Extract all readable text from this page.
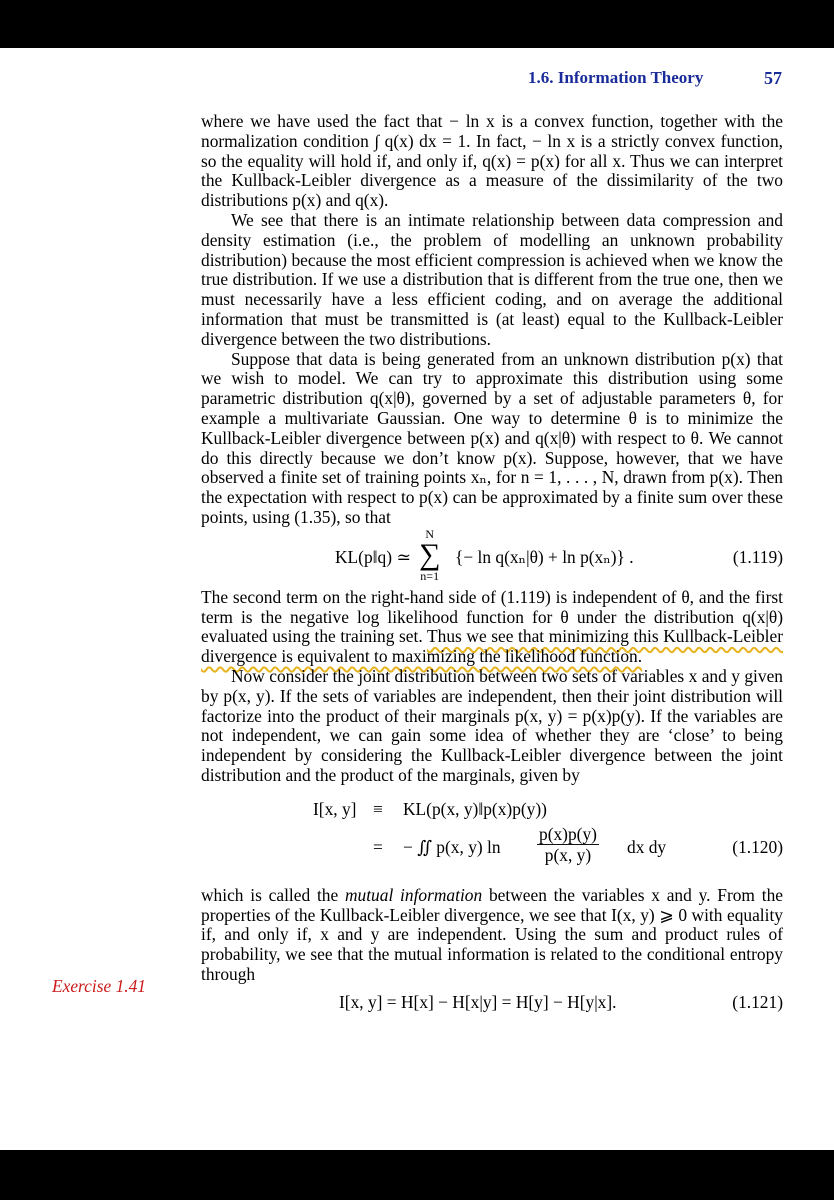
1.6. Information Theory	57

where we have used the fact that − ln x is a convex function, together with the normalization condition ∫ q(x) dx = 1. In fact, − ln x is a strictly convex function, so the equality will hold if, and only if, q(x) = p(x) for all x. Thus we can interpret the Kullback-Leibler divergence as a measure of the dissimilarity of the two distributions p(x) and q(x).

We see that there is an intimate relationship between data compression and density estimation (i.e., the problem of modelling an unknown probability distribution) because the most efficient compression is achieved when we know the true distribution. If we use a distribution that is different from the true one, then we must necessarily have a less efficient coding, and on average the additional information that must be transmitted is (at least) equal to the Kullback-Leibler divergence between the two distributions.

Suppose that data is being generated from an unknown distribution p(x) that we wish to model. We can try to approximate this distribution using some parametric distribution q(x|θ), governed by a set of adjustable parameters θ, for example a multivariate Gaussian. One way to determine θ is to minimize the Kullback-Leibler divergence between p(x) and q(x|θ) with respect to θ. We cannot do this directly because we don’t know p(x). Suppose, however, that we have observed a finite set of training points xₙ, for n = 1, . . . , N, drawn from p(x). Then the expectation with respect to p(x) can be approximated by a finite sum over these points, using (1.35), so that

KL(p‖q) ≃
N
∑
n=1
{− ln q(xₙ|θ) + ln p(xₙ)} .	(1.119)

The second term on the right-hand side of (1.119) is independent of θ, and the first term is the negative log likelihood function for θ under the distribution q(x|θ) evaluated using the training set. Thus we see that minimizing this Kullback-Leibler divergence is equivalent to maximizing the likelihood function.

Now consider the joint distribution between two sets of variables x and y given by p(x, y). If the sets of variables are independent, then their joint distribution will factorize into the product of their marginals p(x, y) = p(x)p(y). If the variables are not independent, we can gain some idea of whether they are ‘close’ to being independent by considering the Kullback-Leibler divergence between the joint distribution and the product of the marginals, given by

I[x, y] ≡ KL(p(x, y)‖p(x)p(y))
= − ∬ p(x, y) $\ln \frac{p(x)p(y)}{p(x, y)}$ dx dy	(1.120)

which is called the mutual information between the variables x and y. From the properties of the Kullback-Leibler divergence, we see that I(x, y) ⩾ 0 with equality if, and only if, x and y are independent. Using the sum and product rules of probability, we see that the mutual information is related to the conditional entropy through

I[x, y] = H[x] − H[x|y] = H[y] − H[y|x].	(1.121)
Exercise 1.41
